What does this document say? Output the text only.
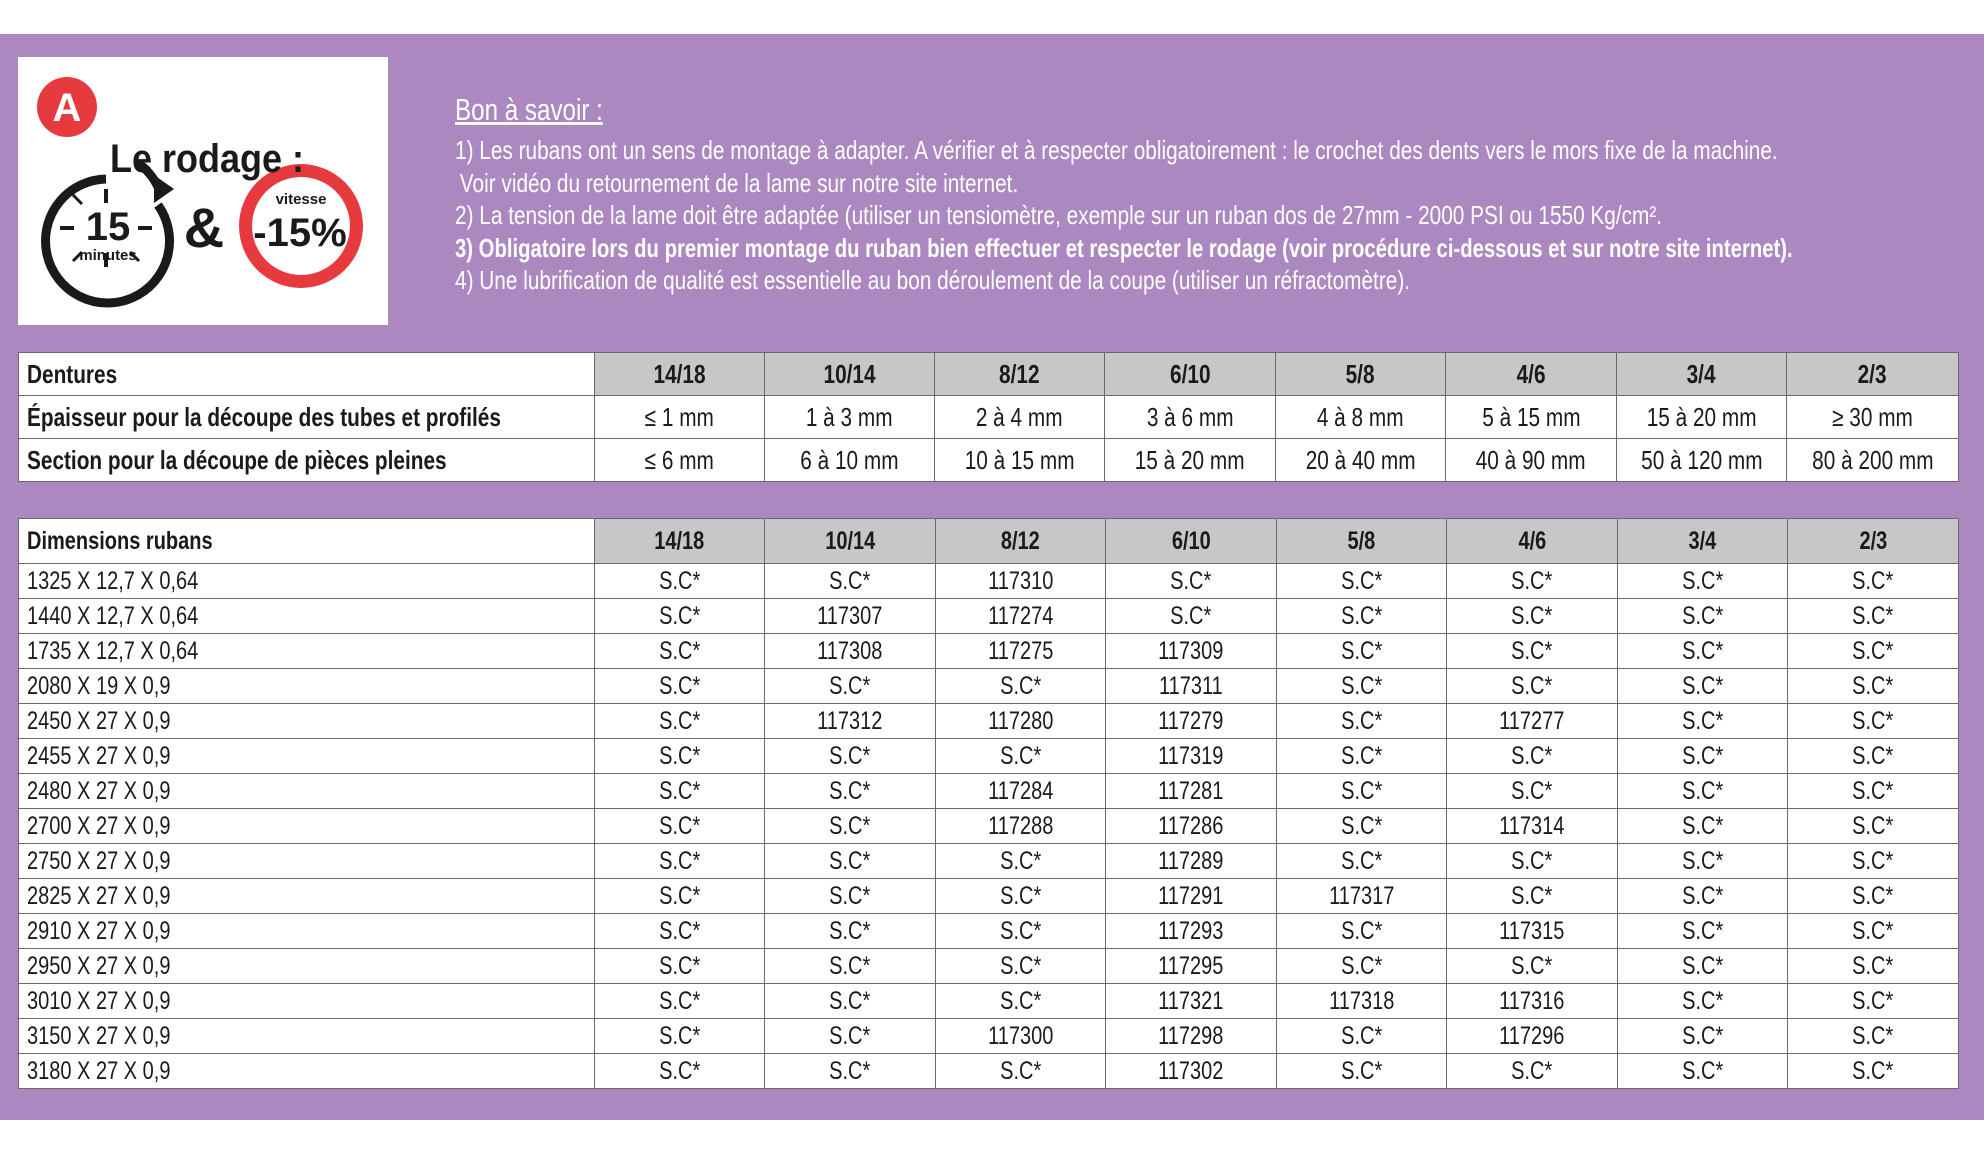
A
15
minutes &	vitesse
-15%
Le rodage :
Bon à savoir :
1) Les rubans ont un sens de montage à adapter. A vérifier et à respecter obligatoirement : le crochet des dents vers le mors fixe de la machine.
Voir vidéo du retournement de la lame sur notre site internet.
2) La tension de la lame doit être adaptée (utiliser un tensiomètre, exemple sur un ruban dos de 27mm - 2000 PSI ou 1550 Kg/cm².
3) Obligatoire lors du premier montage du ruban bien effectuer et respecter le rodage (voir procédure ci-dessous et sur notre site internet).
4) Une lubrification de qualité est essentielle au bon déroulement de la coupe (utiliser un réfractomètre).
Dentures	14/18	10/14	8/12	6/10	5/8	4/6	3/4	2/3
Épaisseur pour la découpe des tubes et profilés	≤ 1 mm	1 à 3 mm	2 à 4 mm	3 à 6 mm	4 à 8 mm	5 à 15 mm	15 à 20 mm	≥ 30 mm
Section pour la découpe de pièces pleines	≤ 6 mm	6 à 10 mm	10 à 15 mm	15 à 20 mm	20 à 40 mm	40 à 90 mm	50 à 120 mm	80 à 200 mm
Dimensions rubans	14/18	10/14	8/12	6/10	5/8	4/6	3/4	2/3
1325 X 12,7 X 0,64	S.C*	S.C*	117310	S.C*	S.C*	S.C*	S.C*	S.C*
1440 X 12,7 X 0,64	S.C*	117307	117274	S.C*	S.C*	S.C*	S.C*	S.C*
1735 X 12,7 X 0,64	S.C*	117308	117275	117309	S.C*	S.C*	S.C*	S.C*
2080 X 19 X 0,9	S.C*	S.C*	S.C*	117311	S.C*	S.C*	S.C*	S.C*
2450 X 27 X 0,9	S.C*	117312	117280	117279	S.C*	117277	S.C*	S.C*
2455 X 27 X 0,9	S.C*	S.C*	S.C*	117319	S.C*	S.C*	S.C*	S.C*
2480 X 27 X 0,9	S.C*	S.C*	117284	117281	S.C*	S.C*	S.C*	S.C*
2700 X 27 X 0,9	S.C*	S.C*	117288	117286	S.C*	117314	S.C*	S.C*
2750 X 27 X 0,9	S.C*	S.C*	S.C*	117289	S.C*	S.C*	S.C*	S.C*
2825 X 27 X 0,9	S.C*	S.C*	S.C*	117291	117317	S.C*	S.C*	S.C*
2910 X 27 X 0,9	S.C*	S.C*	S.C*	117293	S.C*	117315	S.C*	S.C*
2950 X 27 X 0,9	S.C*	S.C*	S.C*	117295	S.C*	S.C*	S.C*	S.C*
3010 X 27 X 0,9	S.C*	S.C*	S.C*	117321	117318	117316	S.C*	S.C*
3150 X 27 X 0,9	S.C*	S.C*	117300	117298	S.C*	117296	S.C*	S.C*
3180 X 27 X 0,9	S.C*	S.C*	S.C*	117302	S.C*	S.C*	S.C*	S.C*
